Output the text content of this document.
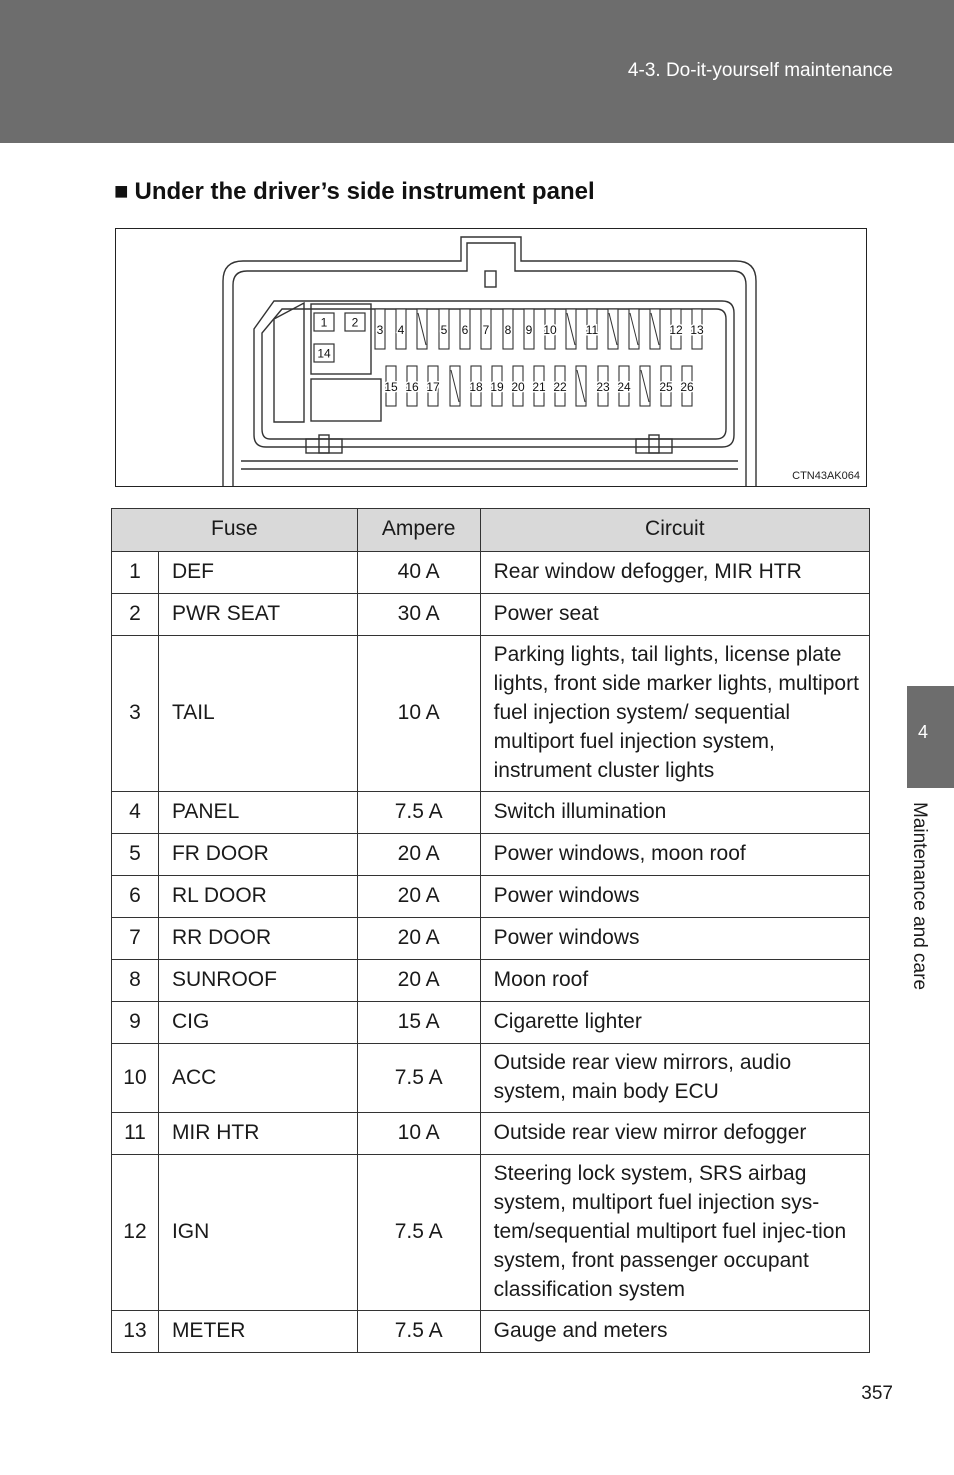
4-3. Do-it-yourself maintenance
4
Maintenance and care
■ Under the driver’s side instrument panel
1 2
14
3 4	5 6 7 8 9 10 11	12 13
15 16 17 18 19 20 21 22 23 24 25 26
CTN43AK064
Fuse		Ampere	Circuit
1	DEF	40 A	Rear window defogger, MIR HTR
2	PWR SEAT	30 A	Power seat
3	TAIL	10 A	Parking lights, tail lights, license plate lights, front side marker lights, multiport fuel injection system/ sequential multiport fuel injection system, instrument cluster lights
4	PANEL	7.5 A	Switch illumination
5	FR DOOR	20 A	Power windows, moon roof
6	RL DOOR	20 A	Power windows
7	RR DOOR	20 A	Power windows
8	SUNROOF	20 A	Moon roof
9	CIG	15 A	Cigarette lighter
10	ACC	7.5 A	Outside rear view mirrors, audio system, main body ECU
11	MIR HTR	10 A	Outside rear view mirror defogger
12	IGN	7.5 A	Steering lock system, SRS airbag system, multiport fuel injection sys-tem/sequential multiport fuel injec-tion system, front passenger occupant classification system
13	METER	7.5 A	Gauge and meters
357
